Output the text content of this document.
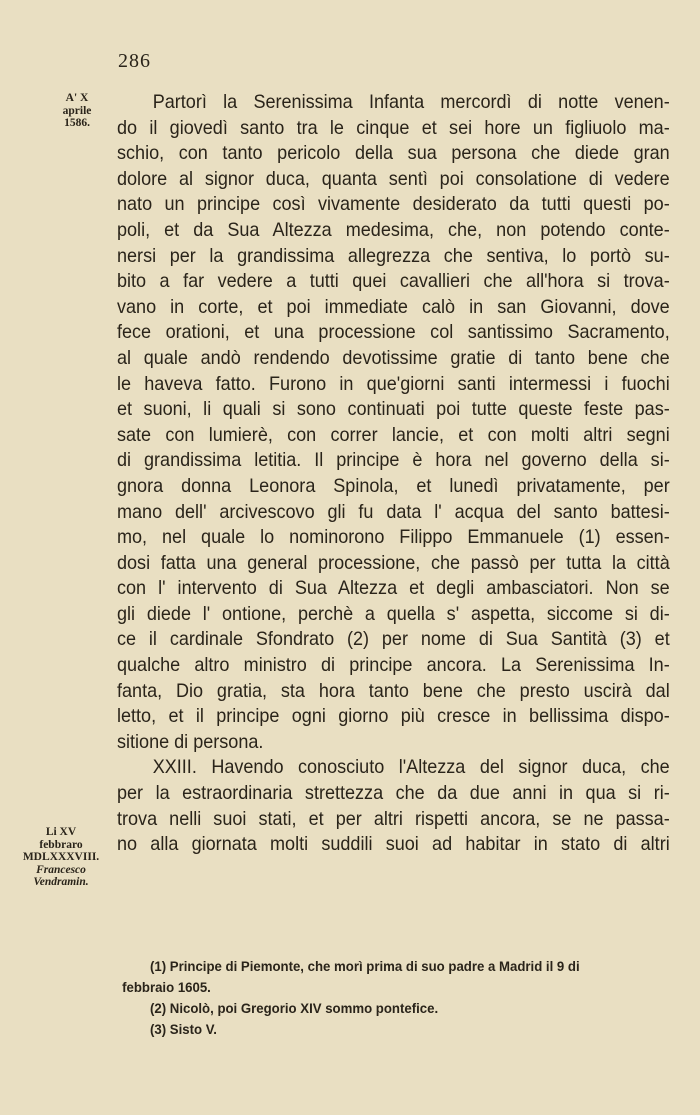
286
A' X
aprile
1586.
Li XV
febbraro
MDLXXXVIII.
Francesco
Vendramin.
Partorì la Serenissima Infanta mercordì di notte venen-
do il giovedì santo tra le cinque et sei hore un figliuolo ma-
schio, con tanto pericolo della sua persona che diede gran
dolore al signor duca, quanta sentì poi consolatione di vedere
nato un principe così vivamente desiderato da tutti questi po-
poli, et da Sua Altezza medesima, che, non potendo conte-
nersi per la grandissima allegrezza che sentiva, lo portò su-
bito a far vedere a tutti quei cavallieri che all'hora si trova-
vano in corte, et poi immediate calò in san Giovanni, dove
fece orationi, et una processione col santissimo Sacramento,
al quale andò rendendo devotissime gratie di tanto bene che
le haveva fatto. Furono in que'giorni santi intermessi i fuochi
et suoni, li quali si sono continuati poi tutte queste feste pas-
sate con lumierè, con correr lancie, et con molti altri segni
di grandissima letitia. Il principe è hora nel governo della si-
gnora donna Leonora Spinola, et lunedì privatamente, per
mano dell' arcivescovo gli fu data l' acqua del santo battesi-
mo, nel quale lo nominorono Filippo Emmanuele (1) essen-
dosi fatta una general processione, che passò per tutta la città
con l' intervento di Sua Altezza et degli ambasciatori. Non se
gli diede l' ontione, perchè a quella s' aspetta, siccome si di-
ce il cardinale Sfondrato (2) per nome di Sua Santità (3) et
qualche altro ministro di principe ancora. La Serenissima In-
fanta, Dio gratia, sta hora tanto bene che presto uscirà dal
letto, et il principe ogni giorno più cresce in bellissima dispo-
sitione di persona.
XXIII. Havendo conosciuto l'Altezza del signor duca, che
per la estraordinaria strettezza che da due anni in qua si ri-
trova nelli suoi stati, et per altri rispetti ancora, se ne passa-
no alla giornata molti suddili suoi ad habitar in stato di altri
(1) Principe di Piemonte, che morì prima di suo padre a Madrid il 9 di
febbraio 1605.
(2) Nicolò, poi Gregorio XIV sommo pontefice.
(3) Sisto V.
